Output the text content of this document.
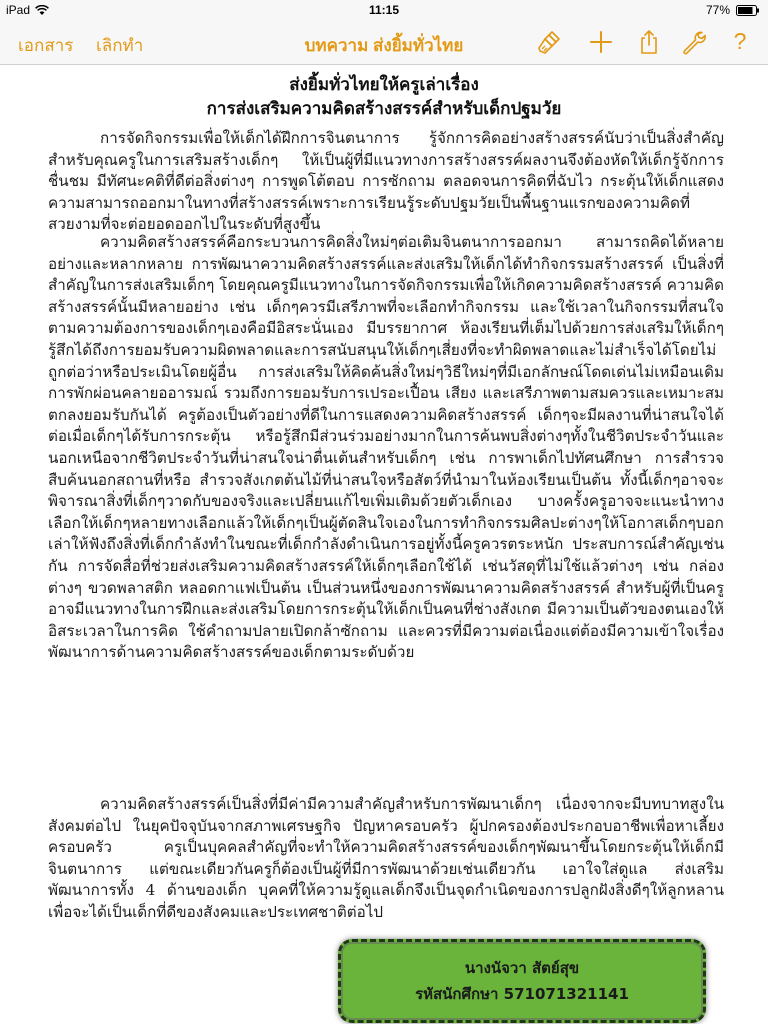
iPad	11:15	77%
เอกสาร เลิกทำ	บทความ ส่งยิ้มทั่วไทย	?
ส่งยิ้มทั่วไทยให้ครูเล่าเรื่อง
การส่งเสริมความคิดสร้างสรรค์สำหรับเด็กปฐมวัย

การจัดกิจกรรมเพื่อให้เด็กได้ฝึกการจินตนาการ รู้จักการคิดอย่างสร้างสรรค์นับว่าเป็นสิ่งสำคัญสำหรับคุณครูในการเสริมสร้างเด็กๆ ให้เป็นผู้ที่มีแนวทางการสร้างสรรค์ผลงานจึงต้องหัดให้เด็กรู้จักการชื่นชม มีทัศนะคติที่ดีต่อสิ่งต่างๆ การพูดโต้ตอบ การซักถาม ตลอดจนการคิดที่ฉับไว กระตุ้นให้เด็กแสดงความสามารถออกมาในทางที่สร้างสรรค์เพราะการเรียนรู้ระดับปฐมวัยเป็นพื้นฐานแรกของความคิดที่สวยงามที่จะต่อยอดออกไปในระดับที่สูงขึ้น

ความคิดสร้างสรรค์คือกระบวนการคิดสิ่งใหม่ๆต่อเติมจินตนาการออกมา สามารถคิดได้หลายอย่างและหลากหลาย การพัฒนาความคิดสร้างสรรค์และส่งเสริมให้เด็กได้ทำกิจกรรมสร้างสรรค์ เป็นสิ่งที่สำคัญในการส่งเสริมเด็กๆ โดยคุณครูมีแนวทางในการจัดกิจกรรมเพื่อให้เกิดความคิดสร้างสรรค์ ความคิดสร้างสรรค์นั้นมีหลายอย่าง เช่น เด็กๆควรมีเสรีภาพที่จะเลือกทำกิจกรรม และใช้เวลาในกิจกรรมที่สนใจตามความต้องการของเด็กๆเองคือมีอิสระนั่นเอง มีบรรยากาศ ห้องเรียนที่เต็มไปด้วยการส่งเสริมให้เด็กๆรู้สึกได้ถึงการยอมรับความผิดพลาดและการสนับสนุนให้เด็กๆเสี่ยงที่จะทำผิดพลาดและไม่สำเร็จได้โดยไม่ถูกต่อว่าหรือประเมินโดยผู้อื่น การส่งเสริมให้คิดค้นสิ่งใหม่ๆวิธีใหม่ๆที่มีเอกลักษณ์โดดเด่นไม่เหมือนเดิม การพักผ่อนคลายออารมณ์ รวมถึงการยอมรับการเปรอะเปื้อน เสียง และเสรีภาพตามสมควรและเหมาะสมตกลงยอมรับกันได้ ครูต้องเป็นตัวอย่างที่ดีในการแสดงความคิดสร้างสรรค์ เด็กๆจะมีผลงานที่น่าสนใจได้ต่อเมื่อเด็กๆได้รับการกระตุ้น หรือรู้สึกมีส่วนร่วมอย่างมากในการค้นพบสิ่งต่างๆทั้งในชีวิตประจำวันและนอกเหนือจากชีวิตประจำวันที่น่าสนใจน่าตื่นเต้นสำหรับเด็กๆ เช่น การพาเด็กไปทัศนศึกษา การสำรวจสืบค้นนอกสถานที่หรือ สำรวจสังเกตต้นไม้ที่น่าสนใจหรือสัตว์ที่นำมาในห้องเรียนเป็นต้น ทั้งนี้เด็กๆอาจจะพิจารณาสิ่งที่เด็กๆวาดกับของจริงและเปลี่ยนแก้ไขเพิ่มเติมด้วยตัวเด็กเอง บางครั้งครูอาจจะแนะนำทางเลือกให้เด็กๆหลายทางเลือกแล้วให้เด็กๆเป็นผู้ตัดสินใจเองในการทำกิจกรรมศิลปะต่างๆให้โอกาสเด็กๆบอกเล่าให้ฟังถึงสิ่งที่เด็กกำลังทำในขณะที่เด็กกำลังดำเนินการอยู่ทั้งนี้ครูควรตระหนัก ประสบการณ์สำคัญเช่นกัน การจัดสื่อที่ช่วยส่งเสริมความคิดสร้างสรรค์ให้เด็กๆเลือกใช้ได้ เช่นวัสดุที่ไม่ใช้แล้วต่างๆ เช่น กล่องต่างๆ ขวดพลาสติก หลอดกาแฟเป็นต้น เป็นส่วนหนึ่งของการพัฒนาความคิดสร้างสรรค์ สำหรับผู้ที่เป็นครูอาจมีแนวทางในการฝึกและส่งเสริมโดยการกระตุ้นให้เด็กเป็นคนที่ช่างสังเกต มีความเป็นตัวของตนเองให้อิสระเวลาในการคิด ใช้คำถามปลายเปิดกล้าซักถาม และควรที่มีความต่อเนื่องแต่ต้องมีความเข้าใจเรื่องพัฒนาการด้านความคิดสร้างสรรค์ของเด็กตามระดับด้วย

ความคิดสร้างสรรค์เป็นสิ่งที่มีค่ามีความสำคัญสำหรับการพัฒนาเด็กๆ เนื่องจากจะมีบทบาทสูงในสังคมต่อไป ในยุคปัจจุบันจากสภาพเศรษฐกิจ ปัญหาครอบครัว ผู้ปกครองต้องประกอบอาชีพเพื่อหาเลี้ยงครอบครัว ครูเป็นบุคคลสำคัญที่จะทำให้ความคิดสร้างสรรค์ของเด็กๆพัฒนาขึ้นโดยกระตุ้นให้เด็กมีจินตนาการ แต่ขณะเดียวกันครูก็ต้องเป็นผู้ที่มีการพัฒนาด้วยเช่นเดียวกัน เอาใจใส่ดูแล ส่งเสริมพัฒนาการทั้ง 4 ด้านของเด็ก บุคคที่ให้ความรู้ดูแลเด็กจึงเป็นจุดกำเนิดของการปลูกฝังสิ่งดีๆให้ลูกหลาน เพื่อจะได้เป็นเด็กที่ดีของสังคมและประเทศชาติต่อไป

นางนัจวา สัตย์สุข
รหัสนักศึกษา 571071321141
